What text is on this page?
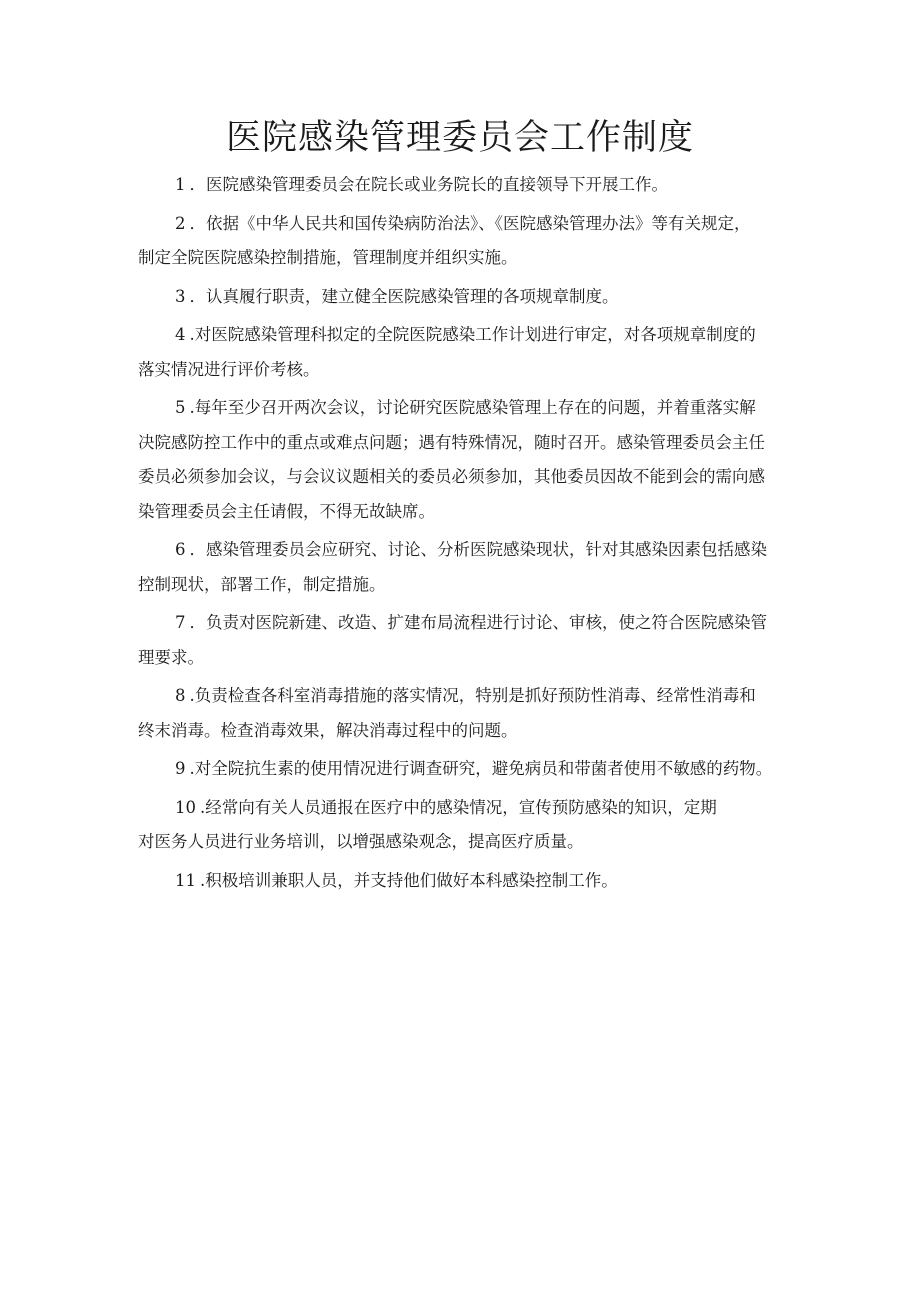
医院感染管理委员会工作制度

1 ．医院感染管理委员会在院长或业务院长的直接领导下开展工作。

2 ．依据《中华人民共和国传染病防治法》、《医院感染管理办法》等有关规定，
制定全院医院感染控制措施，管理制度并组织实施。

3 ．认真履行职责，建立健全医院感染管理的各项规章制度。

4 .对医院感染管理科拟定的全院医院感染工作计划进行审定，对各项规章制度的
落实情况进行评价考核。

5 .每年至少召开两次会议，讨论研究医院感染管理上存在的问题，并着重落实解
决院感防控工作中的重点或难点问题；遇有特殊情况，随时召开。感染管理委员会主任
委员必须参加会议，与会议议题相关的委员必须参加，其他委员因故不能到会的需向感
染管理委员会主任请假，不得无故缺席。

6 ．感染管理委员会应研究、讨论、分析医院感染现状，针对其感染因素包括感染
控制现状，部署工作，制定措施。

7 ．负责对医院新建、改造、扩建布局流程进行讨论、审核，使之符合医院感染管
理要求。

8 .负责检查各科室消毒措施的落实情况，特别是抓好预防性消毒、经常性消毒和
终末消毒。检查消毒效果，解决消毒过程中的问题。

9 .对全院抗生素的使用情况进行调查研究，避免病员和带菌者使用不敏感的药物。

10 .经常向有关人员通报在医疗中的感染情况，宣传预防感染的知识，定期
对医务人员进行业务培训，以增强感染观念，提高医疗质量。

11 .积极培训兼职人员，并支持他们做好本科感染控制工作。
